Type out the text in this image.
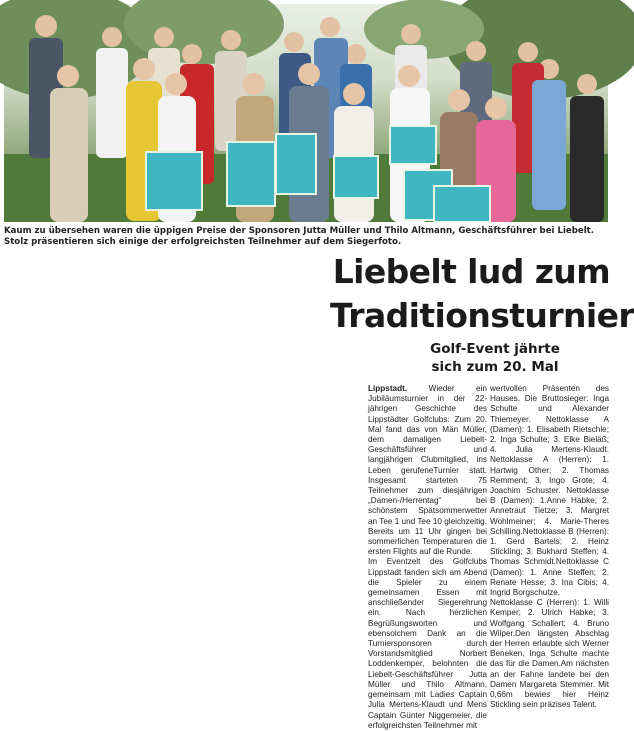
Kaum zu übersehen waren die üppigen Preise der Sponsoren Jutta Müller und Thilo Altmann, Geschäftsführer bei Liebelt. Stolz präsentieren sich einige der erfolgreichsten Teilnehmer auf dem Siegerfoto.
Liebelt lud zum
Traditionsturnier
Golf-Event jährte
sich zum 20. Mal

Lippstadt. Wieder ein Jubiläumsturnier in der 22-jährigen Geschichte des Lippstädter Golfclubs: Zum 20. Mal fand das von Män Müller, dem damaligen Liebelt-Geschäftsführer und langjährigen Clubmitglied, ins Leben gerufeneTurnier statt. Insgesamt starteten 75 Teilnehmer zum diesjährigen „Damen-/Herrentag“ bei schönstem Spätsommerwetter an Tee 1 und Tee 10 gleichzeitig. Bereits um 11 Uhr gingen bei sommerlichen Temperaturen die ersten Flights auf die Runde.

Im Eventzelt des Golfclubs Lippstadt fanden sich am Abend die Spieler zu einem gemeinsamen Essen mit anschließender Siegerehrung ein. Nach herzlichen Begrüßungsworten und ebensolchem Dank an die Turniersponsoren durch Vorstandsmitglied Norbert Loddenkemper, belohnten die Liebelt-Geschäftsführer Jutta Müller und Thilo Altmann, gemeinsam mit Ladies Captain Julia Mertens-Klaudt und Mens Captain Günter Niggemeier, die erfolgreichsten Teilnehmer mit

wertvollen Präsenten des Hauses. Die Bruttosieger: Inga Schulte und Alexander Thiemeyer. Nettoklasse A (Damen): 1. Elisabeth Rietschle; 2. Inga Schulte; 3. Elke Bieläß; 4. Julia Mertens-Klaudt. Nettoklasse A (Herren): 1. Hartwig Other; 2. Thomas Remment; 3. Ingo Grote; 4. Joachim Schuster. Nettoklasse B (Damen): 1.Anne Habke; 2. Annetraut Tietze; 3. Margret Wohlmeiner; 4. Marie-Theres Schilling.Nettoklasse B (Herren): 1. Gerd Bartels; 2. Heinz Stickling; 3. Bukhard Steffen; 4. Thomas Schmidt.Nettoklasse C (Damen): 1. Anne Steffen; 2. Renate Hesse; 3. Ina Cibis; 4. Ingrid Borgschulze.

Nettoklasse C (Herren): 1. Willi Kemper; 2. Ulrich Habke; 3. Wolfgang Schallert; 4. Bruno Wilper.Den längsten Abschlag der Herren erlaubte sich Werner Beneken, Inga Schulte machte das für die Damen.Am nächsten an der Fahne landete bei den Damen Margareta Stemmer. Mit 0,66m bewies hier Heinz Stickling sein präzises Talent.
